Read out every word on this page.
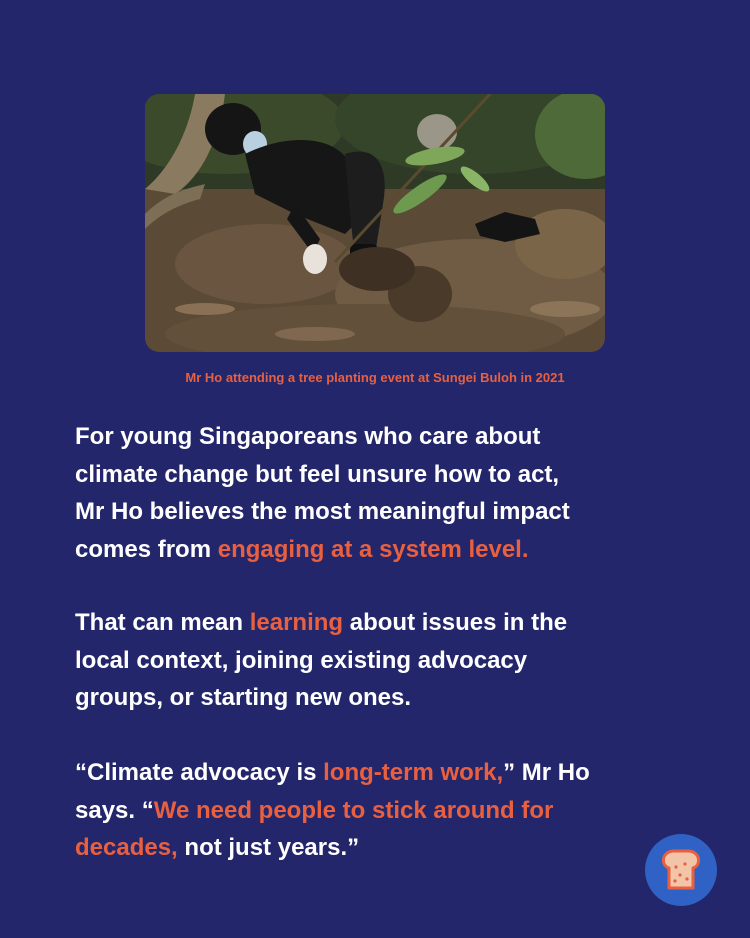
Mr Ho attending a tree planting event at Sungei Buloh in 2021

For young Singaporeans who care about
climate change but feel unsure how to act,
Mr Ho believes the most meaningful impact
comes from engaging at a system level.

That can mean learning about issues in the
local context, joining existing advocacy
groups, or starting new ones.

“Climate advocacy is long-term work,” Mr Ho
says. “We need people to stick around for
decades, not just years.”
